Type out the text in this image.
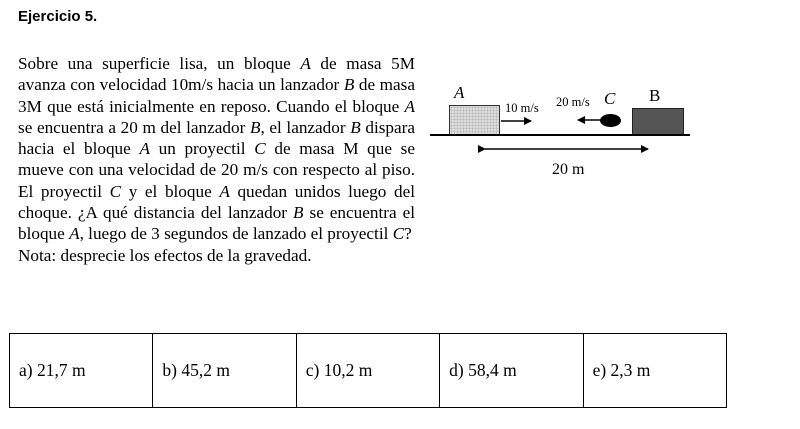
Ejercicio 5.
Sobre una superficie lisa, un bloque A de masa 5M avanza con velocidad 10m/s hacia un lanzador B de masa 3M que está inicialmente en reposo. Cuando el bloque A se encuentra a 20 m del lanzador B, el lanzador B dispara hacia el bloque A un proyectil C de masa M que se mueve con una velocidad de 20 m/s con respecto al piso. El proyectil C y el bloque A quedan unidos luego del choque. ¿A qué distancia del lanzador B se encuentra el bloque A, luego de 3 segundos de lanzado el proyectil C?
Nota: desprecie los efectos de la gravedad.
A	B
C
10 m/s 20 m/s
20 m
a) 21,7 m	b) 45,2 m	c) 10,2 m	d) 58,4 m	e) 2,3 m
